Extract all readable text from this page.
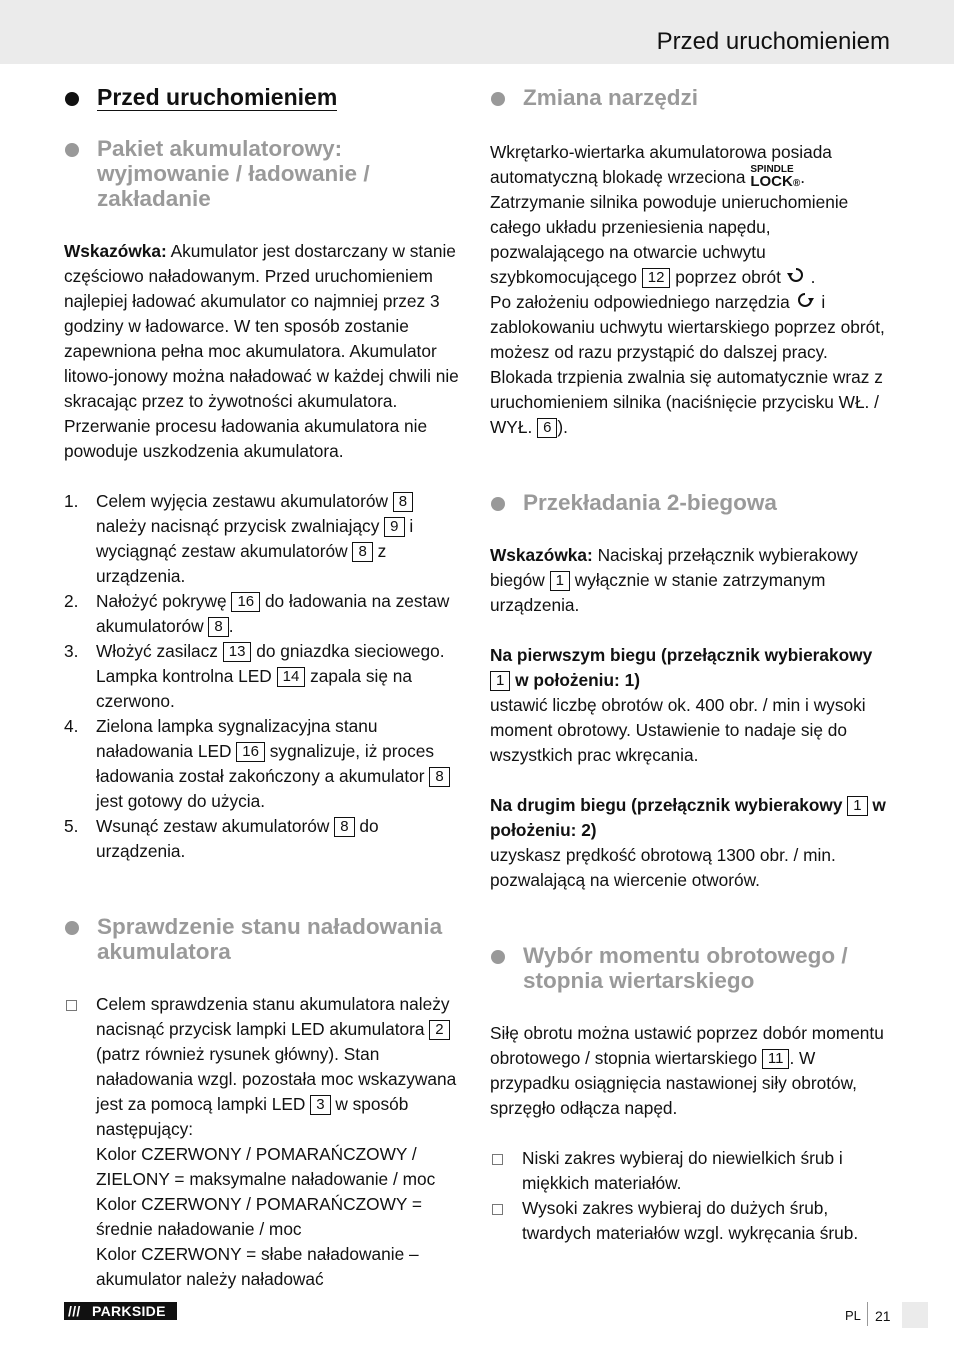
Przed uruchomieniem
Przed uruchomieniem
Pakiet akumulatorowy: wyjmowanie / ładowanie / zakładanie

Wskazówka: Akumulator jest dostarczany w stanie częściowo naładowanym. Przed uruchomieniem najlepiej ładować akumulator co najmniej przez 3 godziny w ładowarce. W ten sposób zostanie zapewniona pełna moc akumulatora. Akumulator litowo-jonowy można naładować w każdej chwili nie skracając przez to żywotności akumulatora. Przerwanie procesu ładowania akumulatora nie powoduje uszkodzenia akumulatora.

1. Celem wyjęcia zestawu akumulatorów 8 należy nacisnąć przycisk zwalniający 9 i wyciągnąć zestaw akumulatorów 8 z urządzenia.
2. Nałożyć pokrywę 16 do ładowania na zestaw akumulatorów 8 .
3. Włożyć zasilacz 13 do gniazdka sieciowego. Lampka kontrolna LED 14 zapala się na czerwono.
4. Zielona lampka sygnalizacyjna stanu naładowania LED 16 sygnalizuje, iż proces ładowania został zakończony a akumulator 8 jest gotowy do użycia.
5. Wsunąć zestaw akumulatorów 8 do urządzenia.
Sprawdzenie stanu naładowania akumulatora
Celem sprawdzenia stanu akumulatora należy nacisnąć przycisk lampki LED akumulatora 2 (patrz również rysunek główny). Stan naładowania wzgl. pozostała moc wskazywana jest za pomocą lampki LED 3 w sposób następujący:
Kolor CZERWONY / POMARAŃCZOWY / ZIELONY = maksymalne naładowanie / moc Kolor CZERWONY / POMARAŃCZOWY = średnie naładowanie / moc
Kolor CZERWONY = słabe naładowanie – akumulator należy naładować
Zmiana narzędzi

Wkrętarko-wiertarka akumulatorowa posiada automatyczną blokadę wrzeciona SPINDLE
LOCK®. Zatrzymanie silnika powoduje unieruchomienie całego układu przeniesienia napędu, pozwalającego na otwarcie uchwytu szybkomocującego 12 poprzez obrót .
Po założeniu odpowiedniego narzędzia i zablokowaniu uchwytu wiertarskiego poprzez obrót, możesz od razu przystąpić do dalszej pracy. Blokada trzpienia zwalnia się automatycznie wraz z uruchomieniem silnika (naciśnięcie przycisku WŁ. / WYŁ. 6 ).

Przekładania 2-biegowa

Wskazówka: Naciskaj przełącznik wybierakowy biegów 1 wyłącznie w stanie zatrzymanym urządzenia.

Na pierwszym biegu (przełącznik wybierakowy 1 w położeniu: 1)
ustawić liczbę obrotów ok. 400 obr. / min i wysoki moment obrotowy. Ustawienie to nadaje się do wszystkich prac wkręcania.

Na drugim biegu (przełącznik wybierakowy 1 w położeniu: 2)
uzyskasz prędkość obrotową 1300 obr. / min. pozwalającą na wiercenie otworów.

Wybór momentu obrotowego / stopnia wiertarskiego

Siłę obrotu można ustawić poprzez dobór momentu obrotowego / stopnia wiertarskiego 11 . W przypadku osiągnięcia nastawionej siły obrotów, sprzęgło odłącza napęd.

Niski zakres wybieraj do niewielkich śrub i miękkich materiałów.
Wysoki zakres wybieraj do dużych śrub, twardych materiałów wzgl. wykręcania śrub.
/// PARKSIDE	PL 21
